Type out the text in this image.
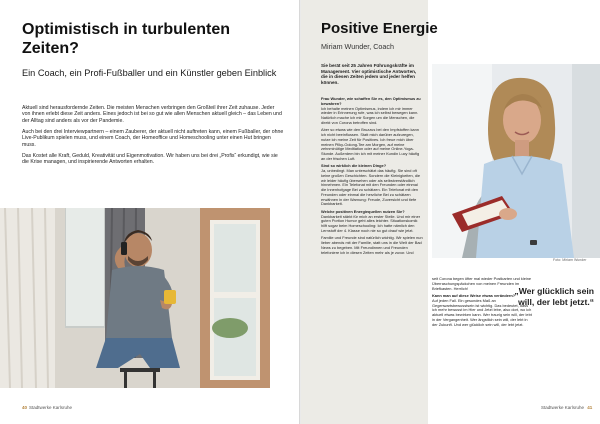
Optimistisch in turbulenten Zeiten?
Ein Coach, ein Profi-Fußballer und ein Künstler geben Einblick

Aktuell sind herausfordernde Zeiten. Die meisten Menschen verbringen den Großteil ihrer Zeit zuhause. Jeder von ihnen erlebt diese Zeit anders. Eines jedoch ist bei so gut wie allen Menschen aktuell gleich – das Leben und der Alltag sind anders als vor der Pandemie.

Auch bei den drei Interviewpartnern – einem Zauberer, der aktuell nicht auftreten kann, einem Fußballer, der ohne Live-Publikum spielen muss, und einem Coach, der Homeoffice und Homeschooling unter einen Hut bringen muss.

Das Kostet alle Kraft, Geduld, Kreativität und Eigenmotivation. Wir haben uns bei drei „Profis“ erkundigt, wie sie die Krise managen, und inspirierende Antworten erhalten.

40 Stadtwerke Karlsruhe
Positive Energie
Miriam Wunder, Coach
Sie berät seit 25 Jahren Führungskräfte im Management. Vier optimistische Antworten, die in diesen Zeiten jedem und jeder helfen können.

Frau Wunder, wie schaffen Sie es, den Optimismus zu bewahren?
Ich behalte meinen Optimismus, indem ich mir immer wieder in Erinnerung rufe, was ich selbst bewegen kann. Natürlich mache ich mir Sorgen um die Menschen, die direkt von Corona betroffen sind.

Aber so etwas wie den Bruzzus bei den Impfstoffen kann ich nicht beeinflussen. Statt mich darüber aufzuregen, nutze ich meine Zeit für Positives. Ich freue mich über meinen Pilky-Oolong-Tee am Morgen, auf meine zehnminütige Meditation oder auf meine Online-Yoga-Stunde. Außerdem bin ich mit meiner Kundin Lucy häufig an der frischen Luft.

Sind so wirklich die kleinen Dinge?
Ja, unbedingt. Man unterschätzt das häufig. Sie sind oft keine großen Geschichten. Sondern die Kleinigkeiten, die wir leider häufig übersehen oder als selbstverständlich hinnehmen. Ein Telefonat mit den Freunden oder einmal die Innenhofgage Bei zu schätzen. Ein Telefonat mit den Freunden oder einmal die herzliche Bei zu schätzen erwähnen in der Warnung: Freude, Zuversicht und tiefe Dankbarkeit.

Welche positiven Energiequellen nutzen Sie?
Dankbarkeit stärkt für mich an erster Stelle. Und mir einer guten Portion Humor geht alles leichter. Situationskomik hilft sogar beim Homeschooling: Ich hatte nämlich den Lernstoff der 4. Klasse noch nie so gut drauf wie jetzt.

Familie und Freunde sind natürlich wichtig. Wir spielen nun lieber abends mit der Familie, statt uns in die Welt der Bad News zu begeben. Mit Freundinnen und Freunden telefoniere ich in diesen Zeiten mehr als je zuvor. Und

Foto: Miriam Wunder

seit Corona begen öfter mal wieder Postkarten und kleine Überraschungspäckchen von meinen Freunden im Briefkasten. Herrlich!

Kann man auf diese Weise etwas verändern?
Auf jeden Fall. Ein gesundes Maß an Gegenwartsbewusstsein ist wichtig. Das bedeutet, dass ich mehr bewusst im Hier und Jetzt lebe, also dort, wo ich aktuell etwas bewirken kann. Wer traurig sein will, der lebt in der Vergangenheit. Wer ängstlich sein will, der lebt in der Zukunft. Und wer glücklich sein will, der lebt jetzt.

„Wer glücklich sein will, der lebt jetzt.“
Stadtwerke Karlsruhe 41
